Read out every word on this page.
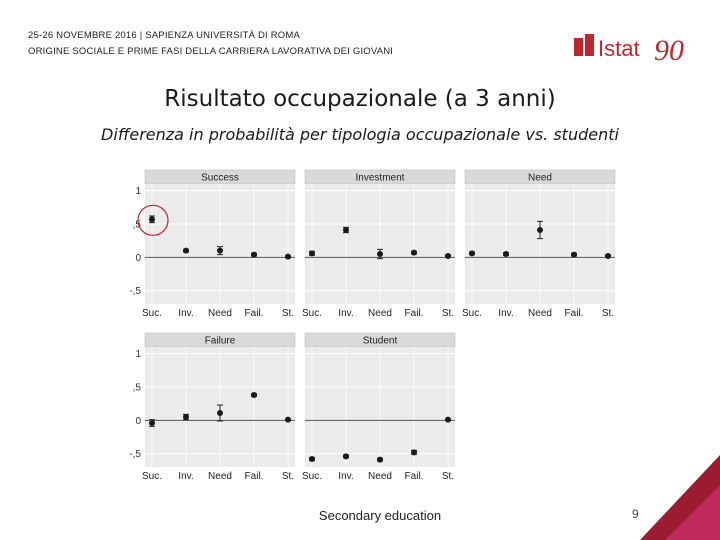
25-26 NOVEMBRE 2016 | SAPIENZA UNIVERSITÀ DI ROMA
ORIGINE SOCIALE E PRIME FASI DELLA CARRIERA LAVORATIVA DEI GIOVANI	Istat 90
Risultato occupazionale (a 3 anni)
Differenza in probabilità per tipologia occupazionale vs. studenti
Success
1
,5
0
-,5
Suc. Inv. Need Fail. St.
Investment
Suc. Inv. Need Fail. St.
Need
Suc. Inv. Need Fail. St.
Failure
1
,5
0
-,5
Suc. Inv. Need Fail. St.
Student
Suc. Inv. Need Fail. St.
Secondary education	9
